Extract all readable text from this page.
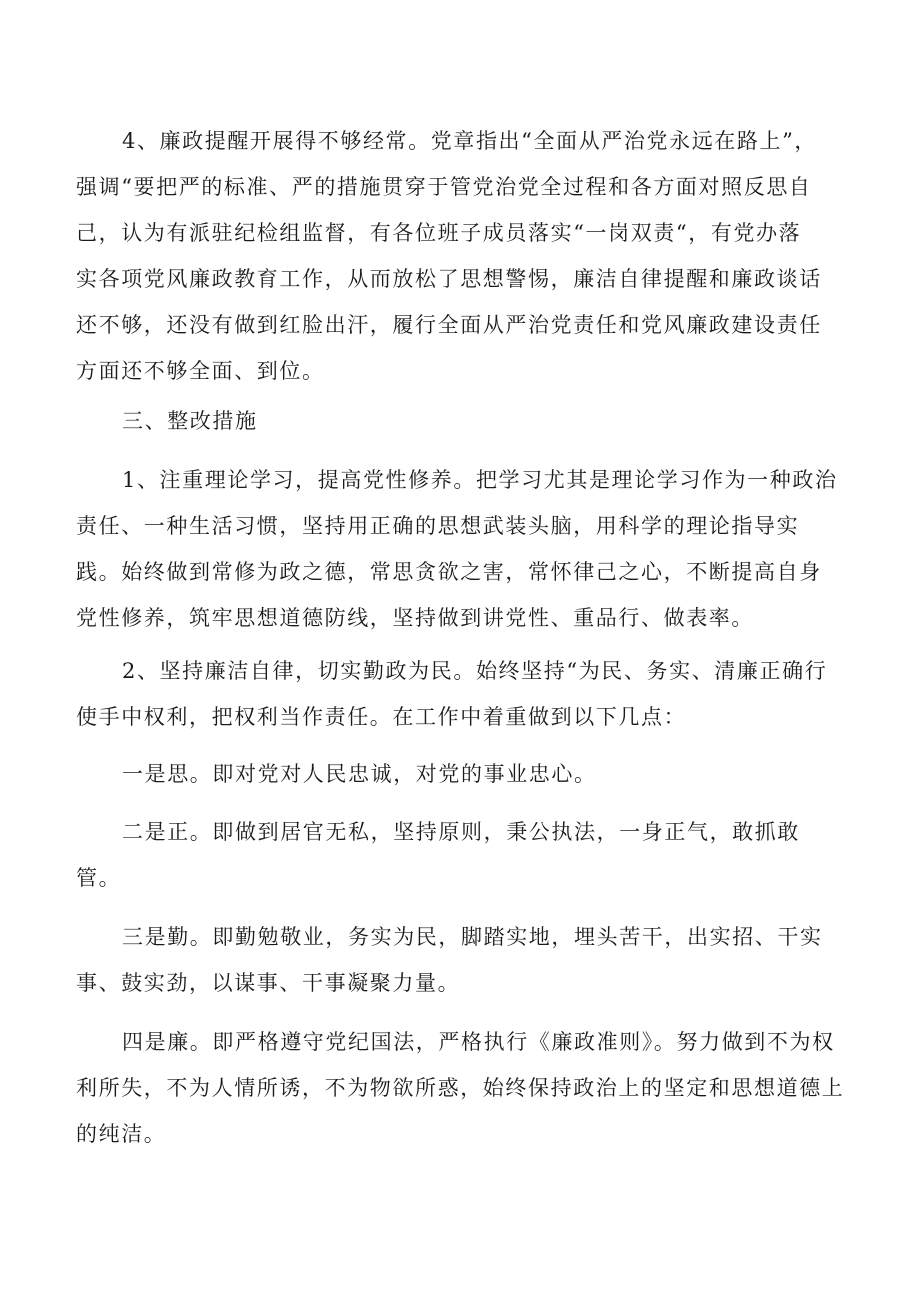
4、廉政提醒开展得不够经常。党章指出“全面从严治党永远在路上”，
强调“要把严的标准、严的措施贯穿于管党治党全过程和各方面对照反思自
己，认为有派驻纪检组监督，有各位班子成员落实“一岗双责“，有党办落
实各项党风廉政教育工作，从而放松了思想警惕，廉洁自律提醒和廉政谈话
还不够，还没有做到红脸出汗，履行全面从严治党责任和党风廉政建设责任
方面还不够全面、到位。

三、整改措施

1、注重理论学习，提高党性修养。把学习尤其是理论学习作为一种政治
责任、一种生活习惯，坚持用正确的思想武装头脑，用科学的理论指导实
践。始终做到常修为政之德，常思贪欲之害，常怀律己之心，不断提高自身
党性修养，筑牢思想道德防线，坚持做到讲党性、重品行、做表率。

2、坚持廉洁自律，切实勤政为民。始终坚持“为民、务实、清廉正确行
使手中权利，把权利当作责任。在工作中着重做到以下几点：

一是思。即对党对人民忠诚，对党的事业忠心。

二是正。即做到居官无私，坚持原则，秉公执法，一身正气，敢抓敢
管。

三是勤。即勤勉敬业，务实为民，脚踏实地，埋头苦干，出实招、干实
事、鼓实劲，以谋事、干事凝聚力量。

四是廉。即严格遵守党纪国法，严格执行《廉政准则》。努力做到不为权
利所失，不为人情所诱，不为物欲所惑，始终保持政治上的坚定和思想道德上
的纯洁。
